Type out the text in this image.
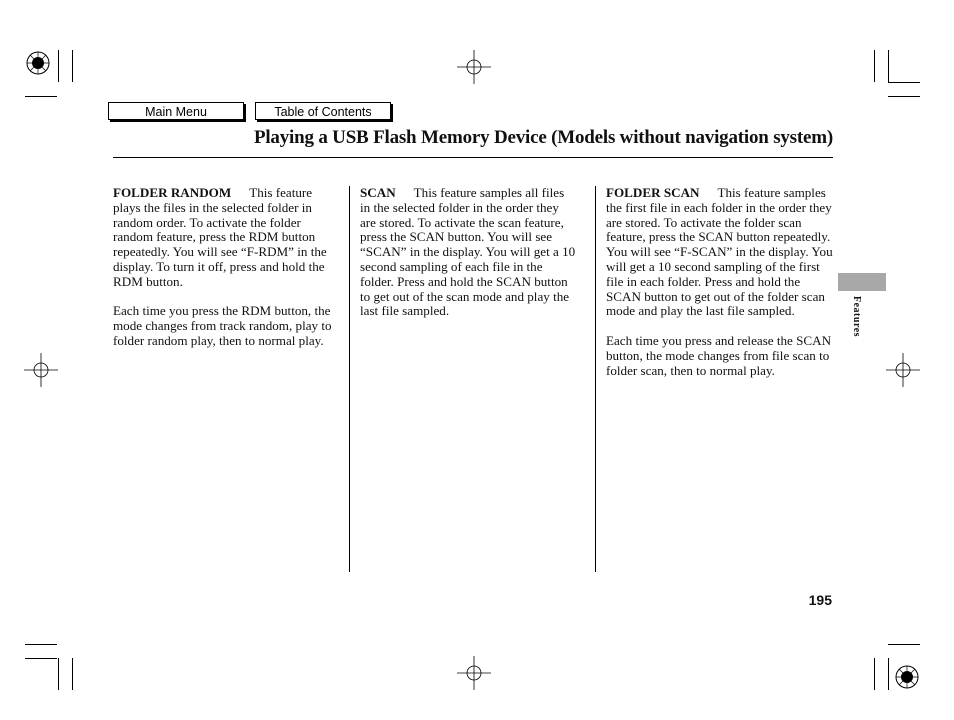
Main Menu	Table of Contents
Playing a USB Flash Memory Device (Models without navigation system)

FOLDER RANDOM This feature plays the files in the selected folder in random order. To activate the folder random feature, press the RDM button repeatedly. You will see “F-RDM” in the display. To turn it off, press and hold the RDM button.

Each time you press the RDM button, the mode changes from track random, play to folder random play, then to normal play.

SCAN This feature samples all files in the selected folder in the order they are stored. To activate the scan feature, press the SCAN button. You will see “SCAN” in the display. You will get a 10 second sampling of each file in the folder. Press and hold the SCAN button to get out of the scan mode and play the last file sampled.

FOLDER SCAN This feature samples the first file in each folder in the order they are stored. To activate the folder scan feature, press the SCAN button repeatedly. You will see “F-SCAN” in the display. You will get a 10 second sampling of the first file in each folder. Press and hold the SCAN button to get out of the folder scan mode and play the last file sampled.

Each time you press and release the SCAN button, the mode changes from file scan to folder scan, then to normal play.

Features
195
